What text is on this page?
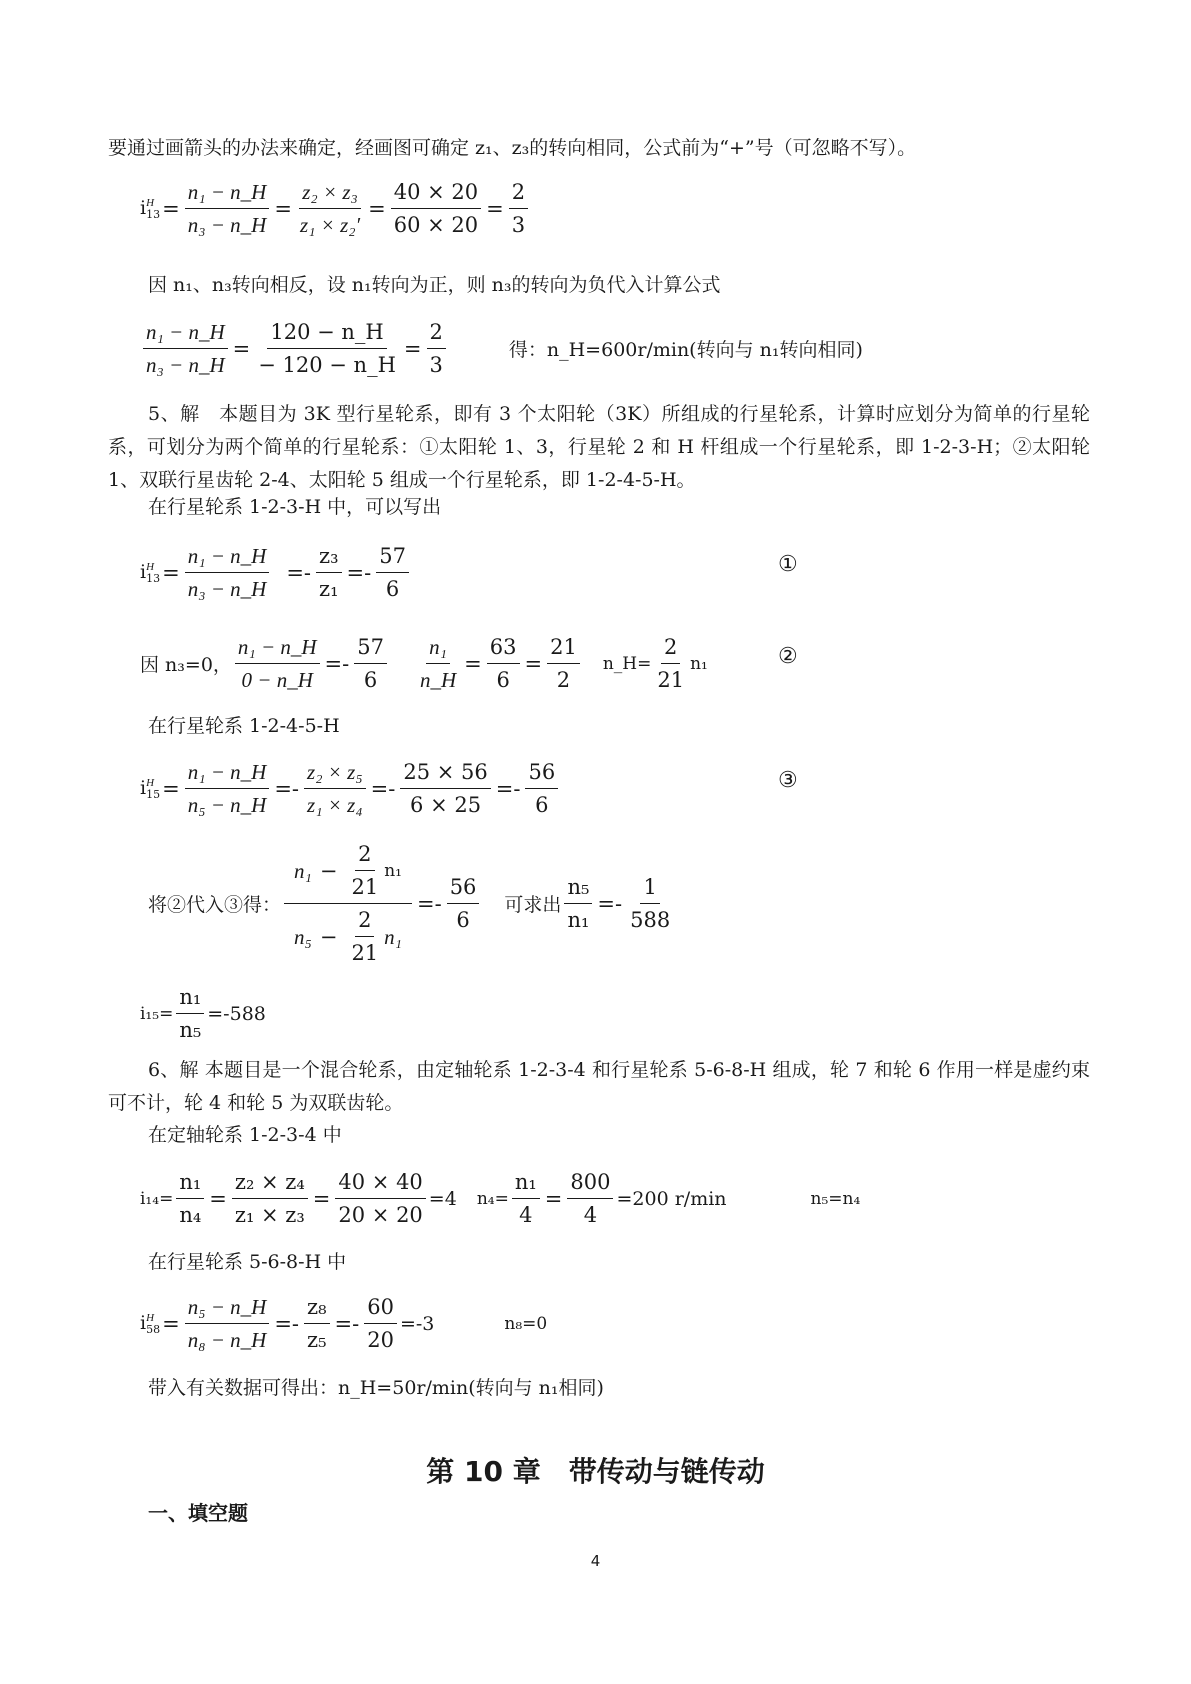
要通过画箭头的办法来确定，经画图可确定 z₁、z₃的转向相同，公式前为“+”号（可忽略不写）。
i H
$13 = \frac{\text{n₁ − n\_H}}{\text{n₃ − n\_H}} = \frac{\text{z₂ × z₃}}{\text{z₁ × z₂′}} = \frac{40 \times 20}{60 \times 20} = \frac{2}{3}$
因 n₁、n₃转向相反，设 n₁转向为正，则 n₃的转向为负代入计算公式
$\frac{\text{n₁ − n\_H}}{\text{n₃ − n\_H}} = \frac{120 - n\_H}{- 120 - n\_H} = \frac{2}{3}$	得：n_H=600r/min(转向与 n₁转向相同)
5、解　本题目为 3K 型行星轮系，即有 3 个太阳轮（3K）所组成的行星轮系，计算时应划分为简单的行星轮系，可划分为两个简单的行星轮系：①太阳轮 1、3，行星轮 2 和 H 杆组成一个行星轮系，即 1-2-3-H；②太阳轮 1、双联行星齿轮 2-4、太阳轮 5 组成一个行星轮系，即 1-2-4-5-H。
在行星轮系 1-2-3-H 中，可以写出
i H
$13 = \frac{\text{n₁ − n\_H}}{\text{n₃ − n\_H}} =- \frac{\text{z₃}}{\text{z₁}} =- \frac{57}{6}$	①
因 n₃=0， $\frac{\text{n₁ − n\_H}}{0 - n\_H} =- \frac{57}{6} \frac{\text{n₁}}{n\_H} = \frac{63}{6} = \frac{21}{2}$ n_H= $\frac{2}{21} n_1$	②
在行星轮系 1-2-4-5-H
i H
$15 = \frac{\text{n₁ − n\_H}}{\text{n₅ − n\_H}} =- \frac{\text{z₂ × z₅}}{\text{z₁ × z₄}} =- \frac{25 \times 56}{6 \times 25} =- \frac{56}{6}$	③
将②代入③得： $\frac{n_1 - \frac{2}{21} n_1}{n_5 - \frac{2}{21} n_1} =- \frac{56}{6}$ 可求出 $\frac{\text{n₅}}{\text{n₁}} =- \frac{1}{588}$
$i_{15}= \frac{\text{n₁}}{\text{n₅}} =-588$
6、解 本题目是一个混合轮系，由定轴轮系 1-2-3-4 和行星轮系 5-6-8-H 组成，轮 7 和轮 6 作用一样是虚约束可不计，轮 4 和轮 5 为双联齿轮。
在定轴轮系 1-2-3-4 中
$i_{14}= \frac{\text{n₁}}{\text{n₄}} = \frac{\text{z₂ × z₄}}{\text{z₁ × z₃}} = \frac{40 \times 40}{20 \times 20} =4$ $n_4= \frac{\text{n₁}}{4} = \frac{800}{4} =200$ r/min	n₅=n₄
在行星轮系 5-6-8-H 中
i H
$58 = \frac{\text{n₅ − n\_H}}{\text{n₈ − n\_H}} =- \frac{\text{z₈}}{\text{z₅}} =- \frac{60}{20} =-3$	n₈=0
带入有关数据可得出：n_H=50r/min(转向与 n₁相同)
第 10 章　带传动与链传动
一、填空题
4
